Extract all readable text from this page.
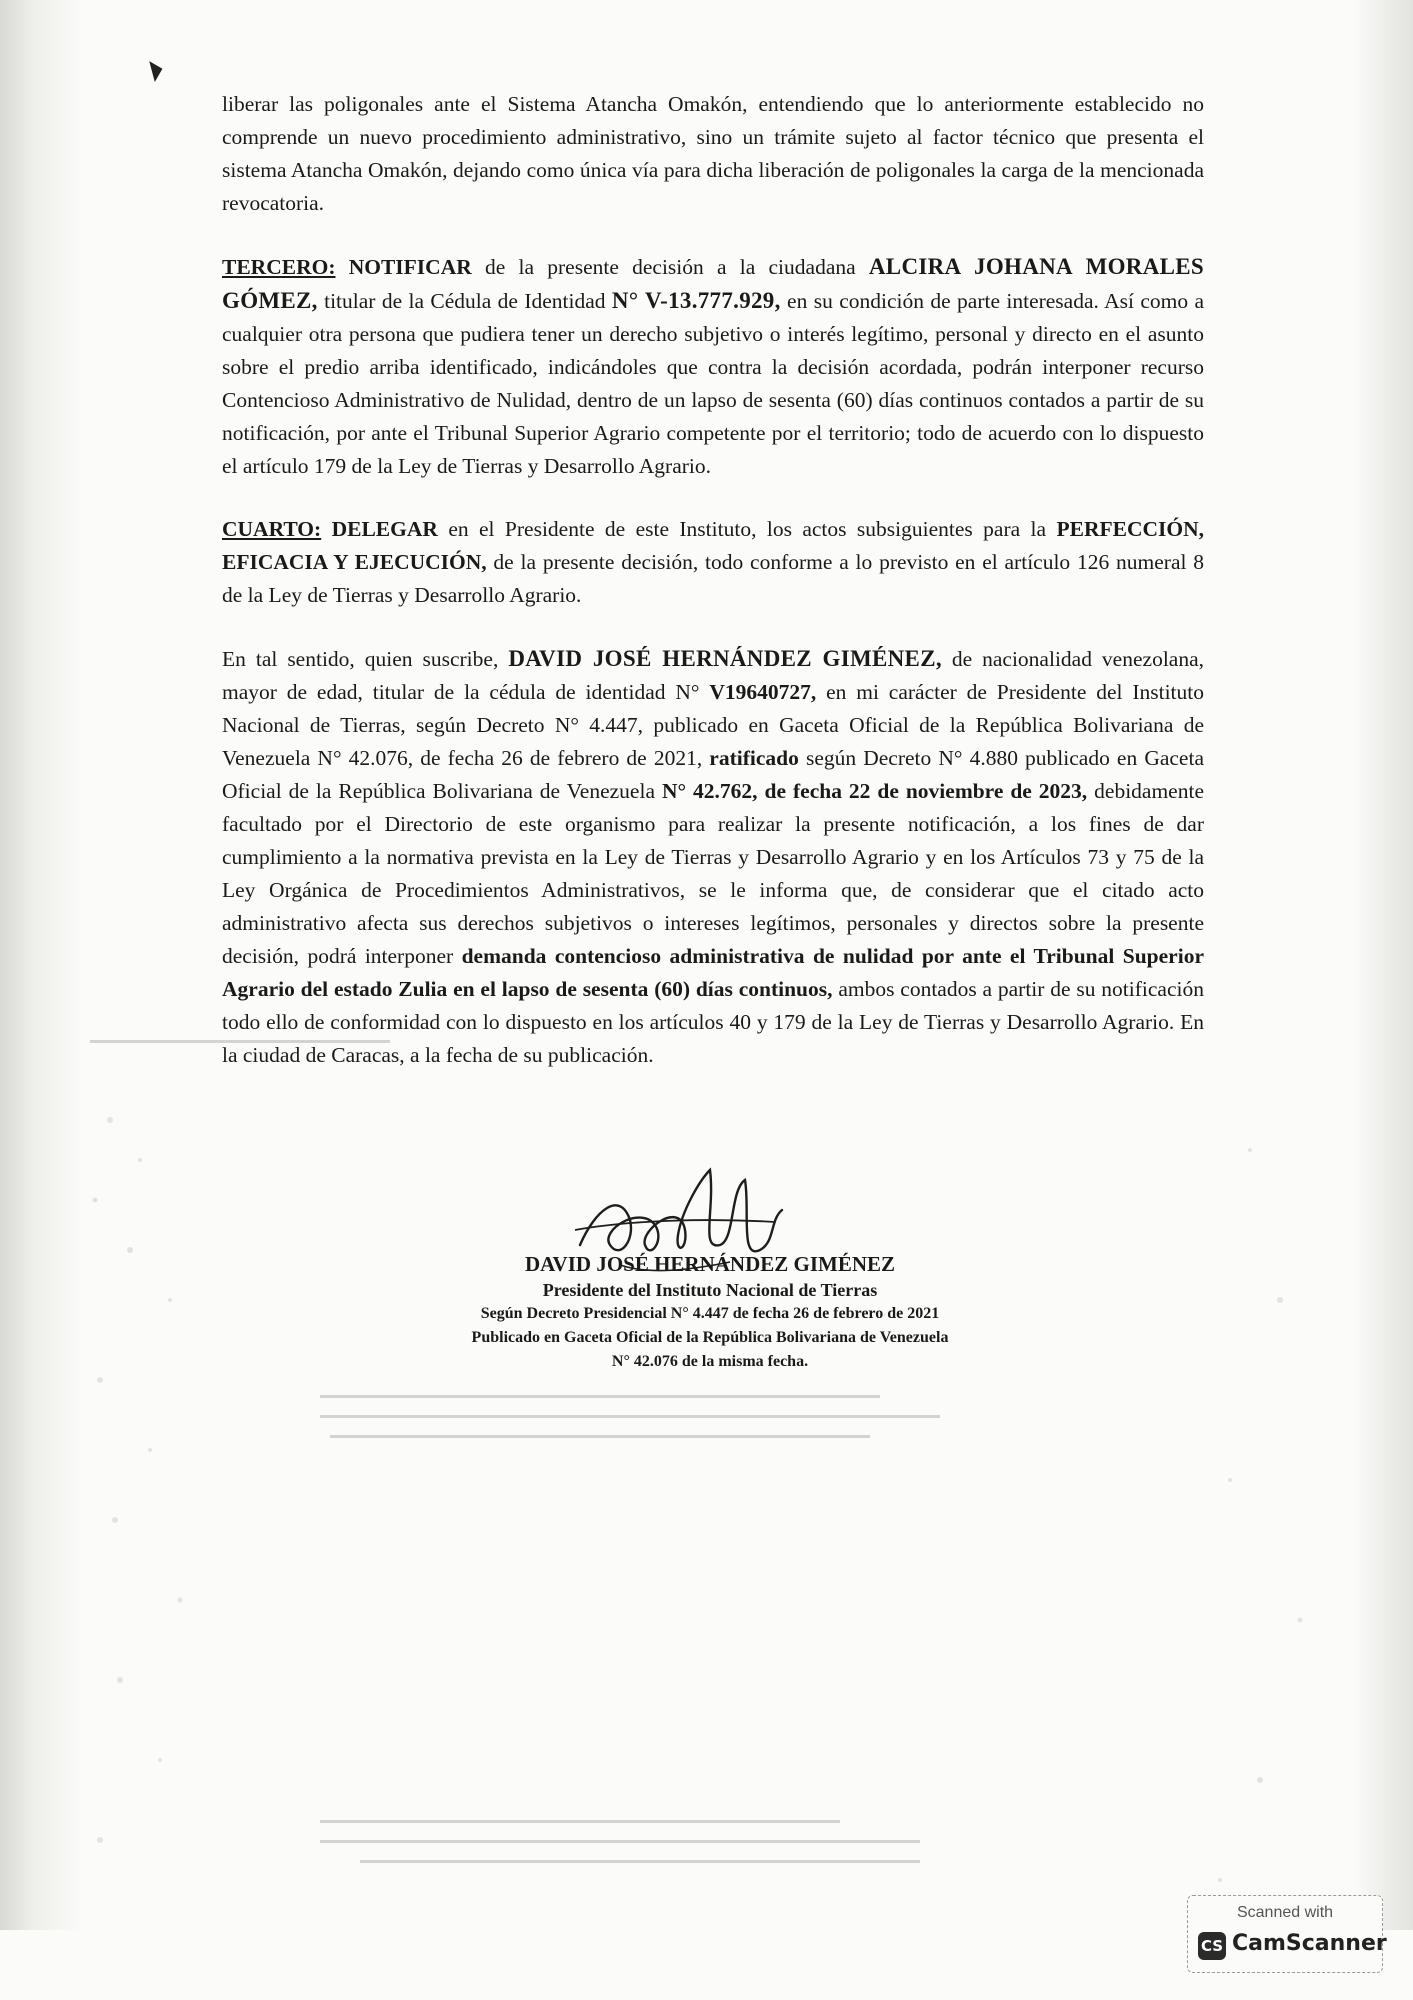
◥

liberar las poligonales ante el Sistema Atancha Omakón, entendiendo que lo anteriormente establecido no comprende un nuevo procedimiento administrativo, sino un trámite sujeto al factor técnico que presenta el sistema Atancha Omakón, dejando como única vía para dicha liberación de poligonales la carga de la mencionada revocatoria.

TERCERO: NOTIFICAR de la presente decisión a la ciudadana ALCIRA JOHANA MORALES GÓMEZ, titular de la Cédula de Identidad N° V-13.777.929, en su condición de parte interesada. Así como a cualquier otra persona que pudiera tener un derecho subjetivo o interés legítimo, personal y directo en el asunto sobre el predio arriba identificado, indicándoles que contra la decisión acordada, podrán interponer recurso Contencioso Administrativo de Nulidad, dentro de un lapso de sesenta (60) días continuos contados a partir de su notificación, por ante el Tribunal Superior Agrario competente por el territorio; todo de acuerdo con lo dispuesto el artículo 179 de la Ley de Tierras y Desarrollo Agrario.

CUARTO: DELEGAR en el Presidente de este Instituto, los actos subsiguientes para la PERFECCIÓN, EFICACIA Y EJECUCIÓN, de la presente decisión, todo conforme a lo previsto en el artículo 126 numeral 8 de la Ley de Tierras y Desarrollo Agrario.

En tal sentido, quien suscribe, DAVID JOSÉ HERNÁNDEZ GIMÉNEZ, de nacionalidad venezolana, mayor de edad, titular de la cédula de identidad N° V19640727, en mi carácter de Presidente del Instituto Nacional de Tierras, según Decreto N° 4.447, publicado en Gaceta Oficial de la República Bolivariana de Venezuela N° 42.076, de fecha 26 de febrero de 2021, ratificado según Decreto N° 4.880 publicado en Gaceta Oficial de la República Bolivariana de Venezuela N° 42.762, de fecha 22 de noviembre de 2023, debidamente facultado por el Directorio de este organismo para realizar la presente notificación, a los fines de dar cumplimiento a la normativa prevista en la Ley de Tierras y Desarrollo Agrario y en los Artículos 73 y 75 de la Ley Orgánica de Procedimientos Administrativos, se le informa que, de considerar que el citado acto administrativo afecta sus derechos subjetivos o intereses legítimos, personales y directos sobre la presente decisión, podrá interponer demanda contencioso administrativa de nulidad por ante el Tribunal Superior Agrario del estado Zulia en el lapso de sesenta (60) días continuos, ambos contados a partir de su notificación todo ello de conformidad con lo dispuesto en los artículos 40 y 179 de la Ley de Tierras y Desarrollo Agrario. En la ciudad de Caracas, a la fecha de su publicación.

DAVID JOSÉ HERNÁNDEZ GIMÉNEZ
Presidente del Instituto Nacional de Tierras
Según Decreto Presidencial N° 4.447 de fecha 26 de febrero de 2021
Publicado en Gaceta Oficial de la República Bolivariana de Venezuela
N° 42.076 de la misma fecha.
Scanned with
CS CamScanner
